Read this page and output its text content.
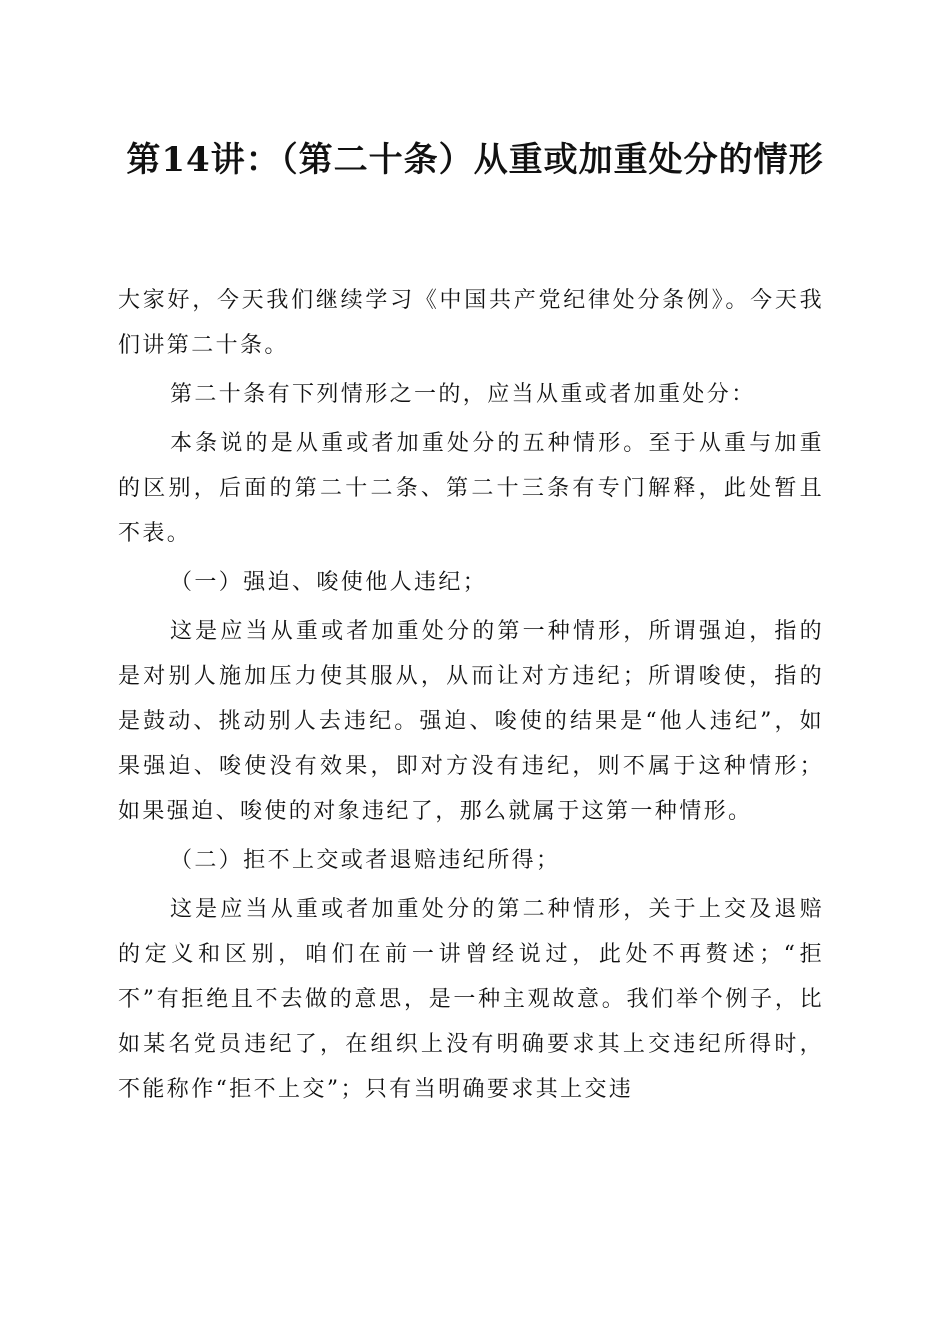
第14讲：（第二十条）从重或加重处分的情形

大家好，今天我们继续学习《中国共产党纪律处分条例》。今天我们讲第二十条。

第二十条有下列情形之一的，应当从重或者加重处分：

本条说的是从重或者加重处分的五种情形。至于从重与加重的区别，后面的第二十二条、第二十三条有专门解释，此处暂且不表。

（一）强迫、唆使他人违纪；

这是应当从重或者加重处分的第一种情形，所谓强迫，指的是对别人施加压力使其服从，从而让对方违纪；所谓唆使，指的是鼓动、挑动别人去违纪。强迫、唆使的结果是“他人违纪”，如果强迫、唆使没有效果，即对方没有违纪，则不属于这种情形；如果强迫、唆使的对象违纪了，那么就属于这第一种情形。

（二）拒不上交或者退赔违纪所得；

这是应当从重或者加重处分的第二种情形，关于上交及退赔的定义和区别，咱们在前一讲曾经说过，此处不再赘述；“拒不”有拒绝且不去做的意思，是一种主观故意。我们举个例子，比如某名党员违纪了，在组织上没有明确要求其上交违纪所得时，不能称作“拒不上交”；只有当明确要求其上交违
